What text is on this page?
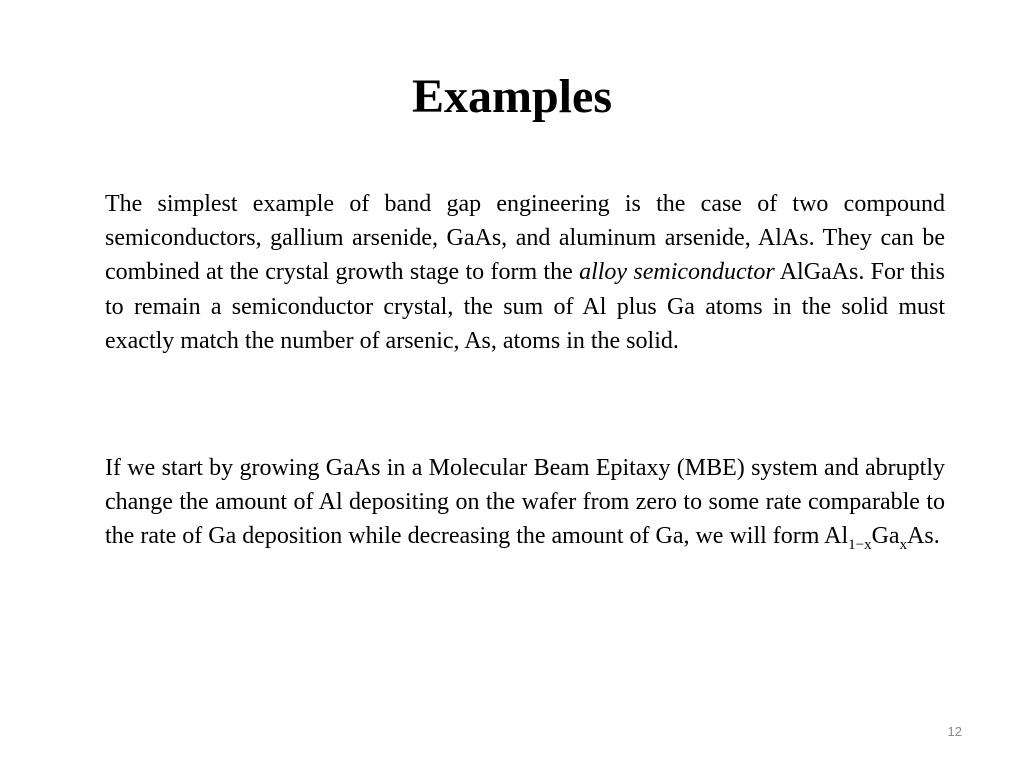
Examples

The simplest example of band gap engineering is the case of two compound semiconductors, gallium arsenide, GaAs, and aluminum arsenide, AlAs. They can be combined at the crystal growth stage to form the alloy semiconductor AlGaAs. For this to remain a semiconductor crystal, the sum of Al plus Ga atoms in the solid must exactly match the number of arsenic, As, atoms in the solid.

If we start by growing GaAs in a Molecular Beam Epitaxy (MBE) system and abruptly change the amount of Al depositing on the wafer from zero to some rate comparable to the rate of Ga deposition while decreasing the amount of Ga, we will form $Al_{1-x}Ga_xAs$.

12
